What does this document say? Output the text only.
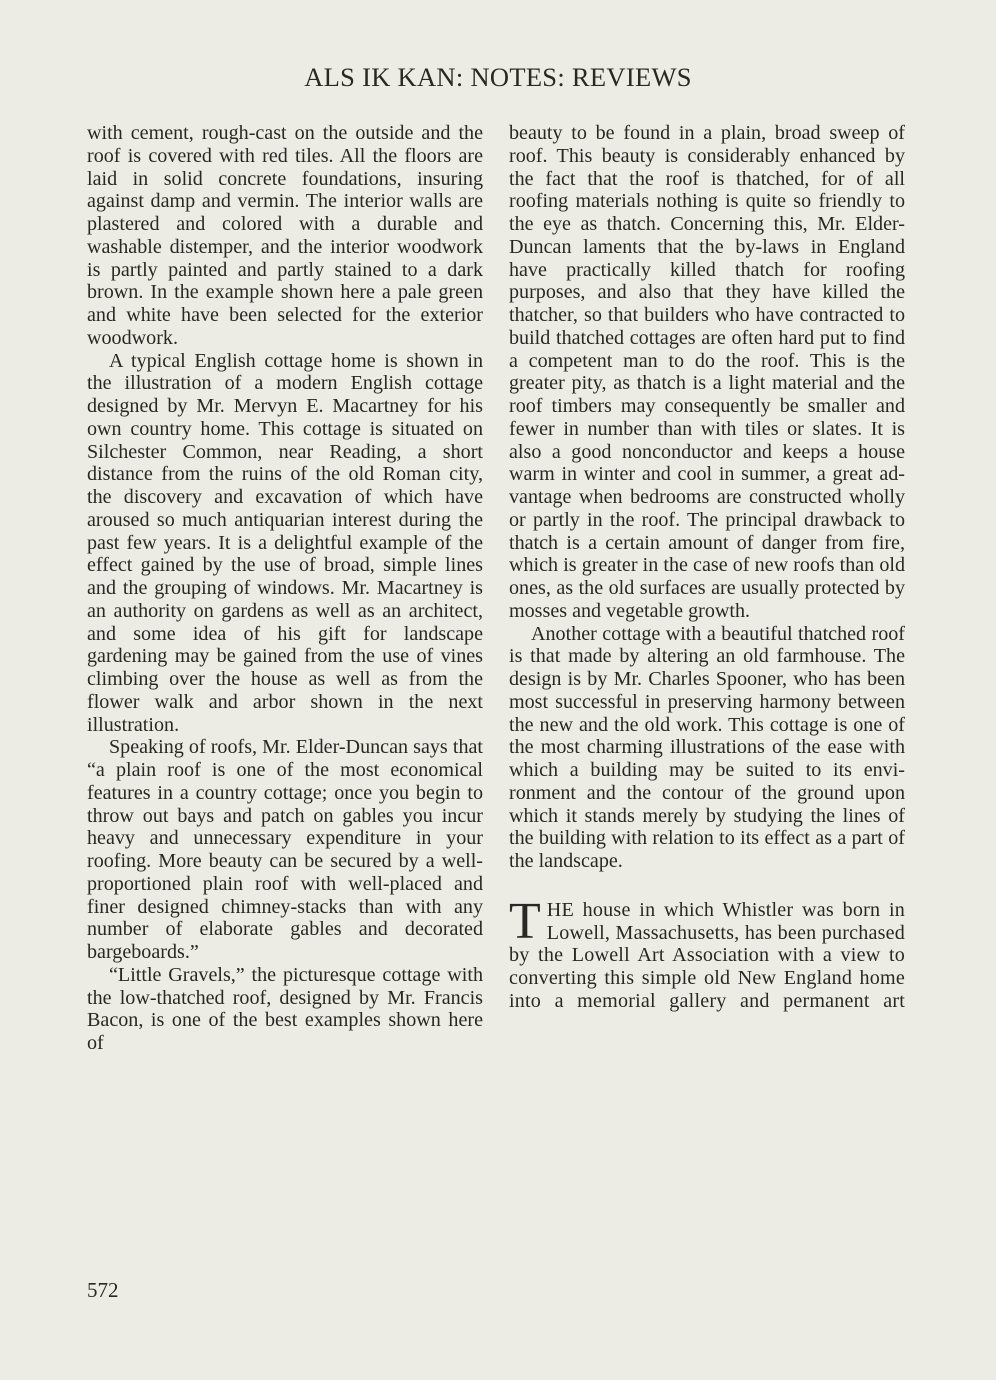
ALS IK KAN: NOTES: REVIEWS

with cement, rough-cast on the outside and the roof is covered with red tiles. All the floors are laid in solid concrete foundations, insuring against damp and vermin. The interior walls are plastered and colored with a durable and washable distemper, and the interior woodwork is partly painted and partly stained to a dark brown. In the example shown here a pale green and white have been selected for the exterior woodwork.

A typical English cottage home is shown in the illustration of a modern English cottage designed by Mr. Mervyn E. Macartney for his own country home. This cottage is situated on Silchester Common, near Reading, a short distance from the ruins of the old Roman city, the discovery and excavation of which have aroused so much antiquarian interest during the past few years. It is a delightful example of the effect gained by the use of broad, simple lines and the grouping of windows. Mr. Macartney is an authority on gardens as well as an architect, and some idea of his gift for landscape gardening may be gained from the use of vines climbing over the house as well as from the flower walk and arbor shown in the next illustration.

Speaking of roofs, Mr. Elder-Duncan says that “a plain roof is one of the most economical features in a country cottage; once you begin to throw out bays and patch on gables you incur heavy and unnecessary expenditure in your roofing. More beauty can be secured by a well-proportioned plain roof with well-placed and finer designed chimney-stacks than with any number of elaborate gables and decorated bargeboards.”

“Little Gravels,” the picturesque cottage with the low-thatched roof, designed by Mr. Francis Bacon, is one of the best examples shown here of

beauty to be found in a plain, broad sweep of roof. This beauty is considerably enhanced by the fact that the roof is thatched, for of all roofing materials nothing is quite so friendly to the eye as thatch. Concerning this, Mr. Elder-Duncan laments that the by-laws in England have practically killed thatch for roofing purposes, and also that they have killed the thatcher, so that builders who have contracted to build thatched cottages are often hard put to find a competent man to do the roof. This is the greater pity, as thatch is a light material and the roof timbers may consequently be smaller and fewer in number than with tiles or slates. It is also a good nonconductor and keeps a house warm in winter and cool in summer, a great advantage when bedrooms are constructed wholly or partly in the roof. The principal drawback to thatch is a certain amount of danger from fire, which is greater in the case of new roofs than old ones, as the old surfaces are usually protected by mosses and vegetable growth.

Another cottage with a beautiful thatched roof is that made by altering an old farmhouse. The design is by Mr. Charles Spooner, who has been most successful in preserving harmony between the new and the old work. This cottage is one of the most charming illustrations of the ease with which a building may be suited to its environment and the contour of the ground upon which it stands merely by studying the lines of the building with relation to its effect as a part of the landscape.

THE house in which Whistler was born in Lowell, Massachusetts, has been purchased by the Lowell Art Association with a view to converting this simple old New England home into a memorial gallery and permanent art

572
